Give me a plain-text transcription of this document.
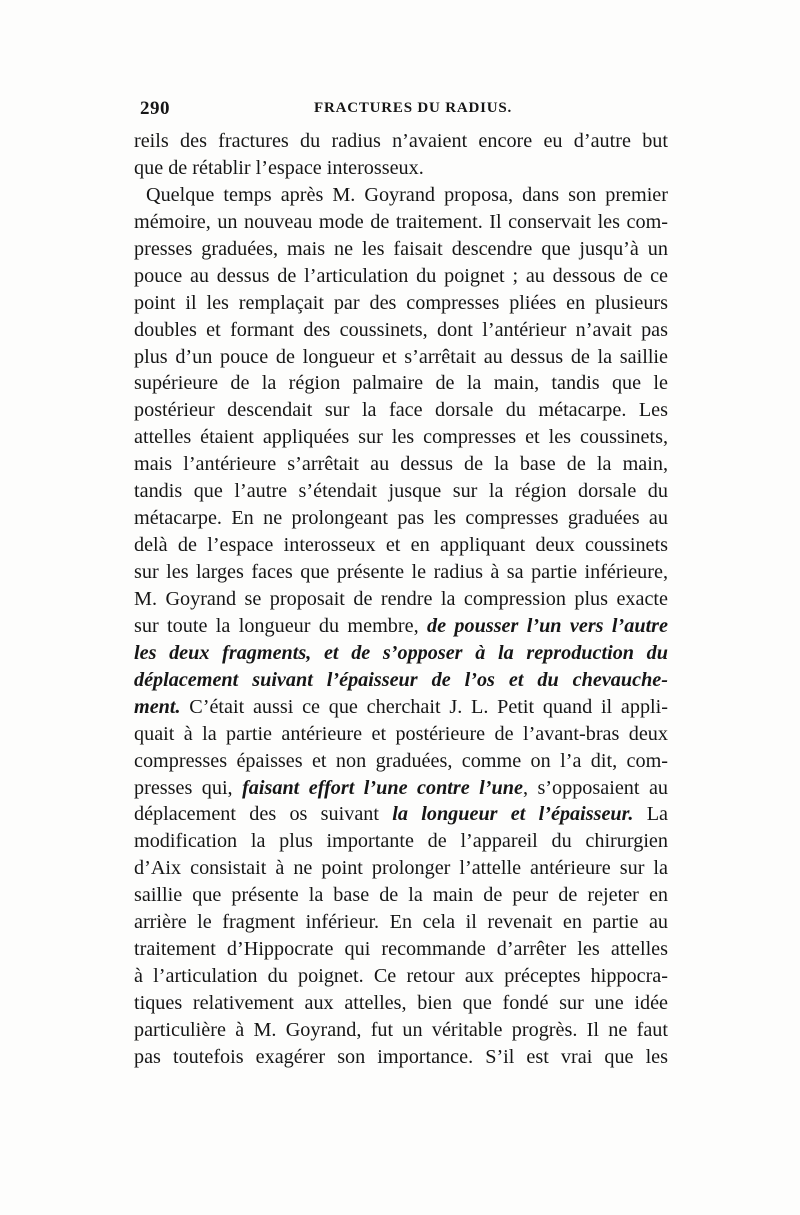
290	FRACTURES DU RADIUS.
reils des fractures du radius n’avaient encore eu d’autre but
que de rétablir l’espace interosseux.
Quelque temps après M. Goyrand proposa, dans son premier
mémoire, un nouveau mode de traitement. Il conservait les com-
presses graduées, mais ne les faisait descendre que jusqu’à un
pouce au dessus de l’articulation du poignet ; au dessous de ce
point il les remplaçait par des compresses pliées en plusieurs
doubles et formant des coussinets, dont l’antérieur n’avait pas
plus d’un pouce de longueur et s’arrêtait au dessus de la saillie
supérieure de la région palmaire de la main, tandis que le
postérieur descendait sur la face dorsale du métacarpe. Les
attelles étaient appliquées sur les compresses et les coussinets,
mais l’antérieure s’arrêtait au dessus de la base de la main,
tandis que l’autre s’étendait jusque sur la région dorsale du
métacarpe. En ne prolongeant pas les compresses graduées au
delà de l’espace interosseux et en appliquant deux coussinets
sur les larges faces que présente le radius à sa partie inférieure,
M. Goyrand se proposait de rendre la compression plus exacte
sur toute la longueur du membre, de pousser l’un vers l’autre
les deux fragments, et de s’opposer à la reproduction du
déplacement suivant l’épaisseur de l’os et du chevauche-
ment. C’était aussi ce que cherchait J. L. Petit quand il appli-
quait à la partie antérieure et postérieure de l’avant-bras deux
compresses épaisses et non graduées, comme on l’a dit, com-
presses qui, faisant effort l’une contre l’une, s’opposaient au
déplacement des os suivant la longueur et l’épaisseur. La
modification la plus importante de l’appareil du chirurgien
d’Aix consistait à ne point prolonger l’attelle antérieure sur la
saillie que présente la base de la main de peur de rejeter en
arrière le fragment inférieur. En cela il revenait en partie au
traitement d’Hippocrate qui recommande d’arrêter les attelles
à l’articulation du poignet. Ce retour aux préceptes hippocra-
tiques relativement aux attelles, bien que fondé sur une idée
particulière à M. Goyrand, fut un véritable progrès. Il ne faut
pas toutefois exagérer son importance. S’il est vrai que les
